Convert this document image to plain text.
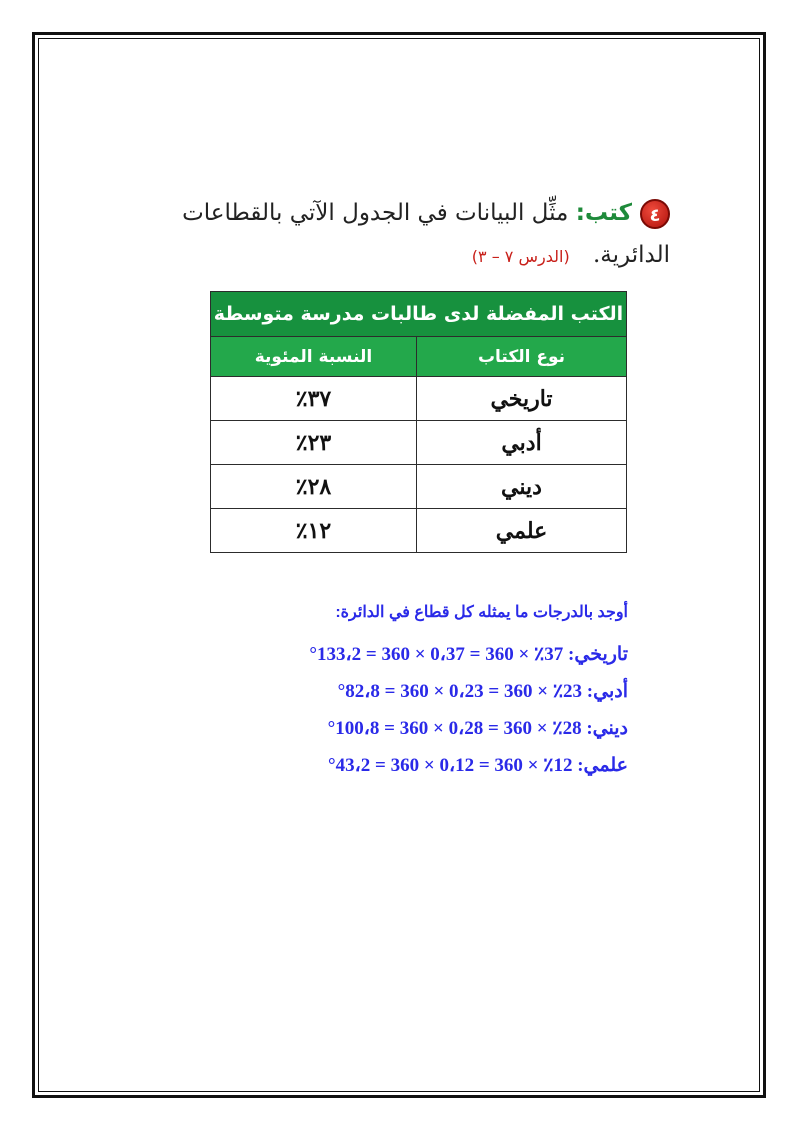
٤كتب: مثِّل البيانات في الجدول الآتي بالقطاعات الدائرية. (الدرس ٧ – ٣)
الكتب المفضلة لدى طالبات مدرسة متوسطة	
نوع الكتاب	النسبة المئوية
تاريخي	٣٧٪
أدبي	٢٣٪
ديني	٢٨٪
علمي	١٢٪
أوجد بالدرجات ما يمثله كل قطاع في الدائرة:
تاريخي: 37٪ × 360 = 0،37 × 360 = 133،2°
أدبي: 23٪ × 360 = 0،23 × 360 = 82،8°
ديني: 28٪ × 360 = 0،28 × 360 = 100،8°
علمي: 12٪ × 360 = 0،12 × 360 = 43،2°
